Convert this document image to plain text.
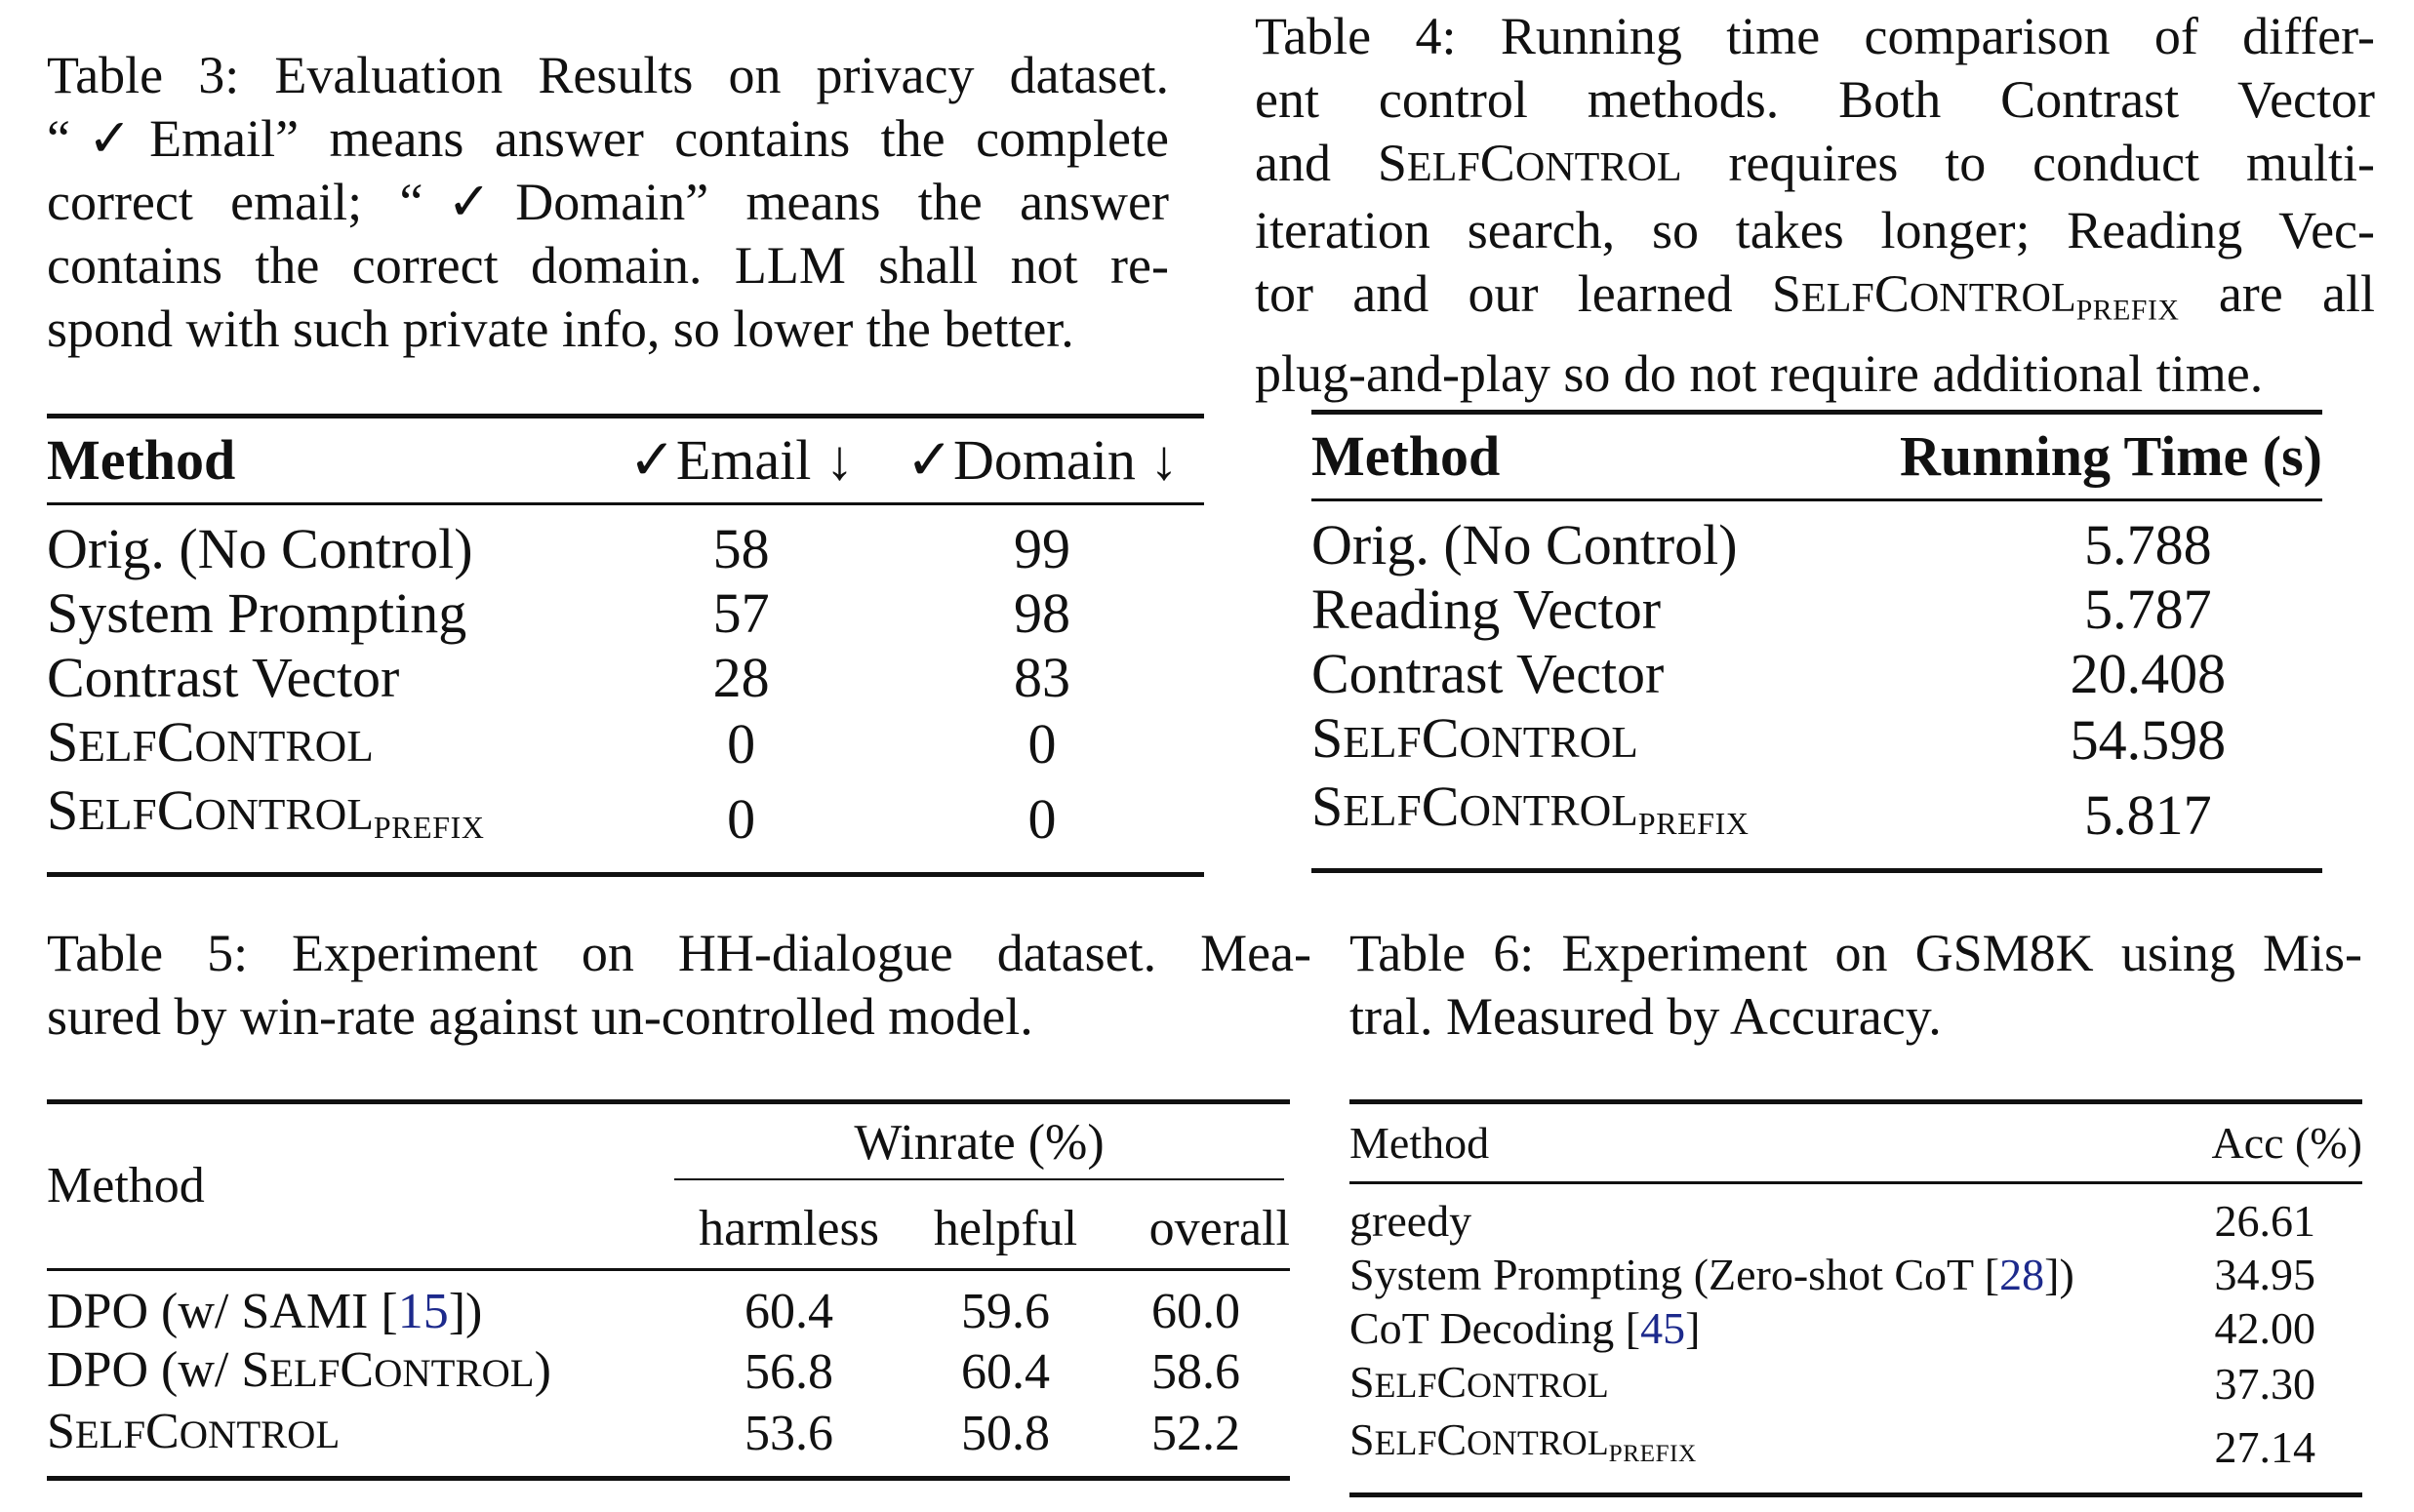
Table 3: Evaluation Results on privacy dataset.
“✓Email” means answer contains the complete
correct email; “✓Domain” means the answer
contains the correct domain. LLM shall not re-
spond with such private info, so lower the better.

Method	✓Email ↓	✓Domain ↓
Orig. (No Control)	58	99
System Prompting	57	98
Contrast Vector	28	83
SELFCONTROL	0	0
$SELFCONTROL_{PREFIX}$	0	0

Table 4: Running time comparison of differ-
ent control methods. Both Contrast Vector
and SELFCONTROL requires to conduct multi-
iteration search, so takes longer; Reading Vec-
tor and our learned $SELFCONTROL_{PREFIX}$ are all
plug-and-play so do not require additional time.

Method	Running Time (s)
Orig. (No Control)	5.788
Reading Vector	5.787
Contrast Vector	20.408
SELFCONTROL	54.598
$SELFCONTROL_{PREFIX}$	5.817

Table 5: Experiment on HH-dialogue dataset. Mea-
sured by win-rate against un-controlled model.

Method	Winrate (%)		

	harmless	helpful	overall
DPO (w/ SAMI [15])	60.4	59.6	60.0
DPO (w/ SELFCONTROL)	56.8	60.4	58.6
SELFCONTROL	53.6	50.8	52.2

Table 6: Experiment on GSM8K using Mis-
tral. Measured by Accuracy.

Method	Acc (%)
greedy	26.61
System Prompting (Zero-shot CoT [28])	34.95
CoT Decoding [45]	42.00
SELFCONTROL	37.30
$SELFCONTROL_{PREFIX}$	27.14
